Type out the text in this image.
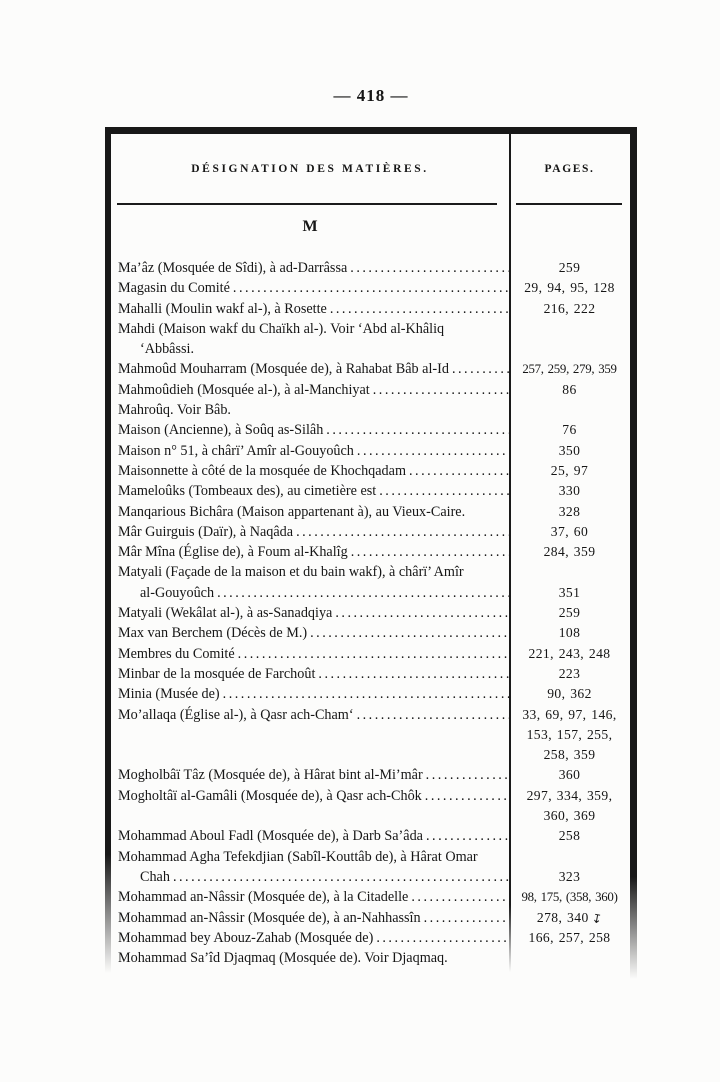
— 418 —
DÉSIGNATION DES MATIÈRES.	PAGES.
M
Ma’âz (Mosquée de Sîdi), à ad-Darrâssa .....	259
Magasin du Comité .....	29, 94, 95, 128
Mahalli (Moulin wakf al-), à Rosette .....	216, 222
Mahdi (Maison wakf du Chaïkh al-). Voir ‘Abd al-Khâliq
‘Abbâssi.
Mahmoûd Mouharram (Mosquée de), à Rahabat Bâb al-Id .....	257, 259, 279, 359
Mahmoûdieh (Mosquée al-), à al-Manchiyat .....	86
Mahroûq. Voir Bâb.
Maison (Ancienne), à Soûq as-Silâh .....	76
Maison n° 51, à chârï’ Amîr al-Gouyoûch .....	350
Maisonnette à côté de la mosquée de Khochqadam .....	25, 97
Mameloûks (Tombeaux des), au cimetière est .....	330
Manqarious Bichâra (Maison appartenant à), au Vieux-Caire.	328
Mâr Guirguis (Daïr), à Naqâda .....	37, 60
Mâr Mîna (Église de), à Foum al-Khalîg .....	284, 359
Matyali (Façade de la maison et du bain wakf), à chârï’ Amîr
al-Gouyoûch .....	351
Matyali (Wekâlat al-), à as-Sanadqiya .....	259
Max van Berchem (Décès de M.) .....	108
Membres du Comité .....	221, 243, 248
Minbar de la mosquée de Farchoût .....	223
Minia (Musée de) .....	90, 362
Mo’allaqa (Église al-), à Qasr ach-Cham‘ .....	33, 69, 97, 146,
153, 157, 255,
258, 359
Mogholbâï Tâz (Mosquée de), à Hârat bint al-Mi’mâr .....	360
Mogholtâï al-Gamâli (Mosquée de), à Qasr ach-Chôk .....	297, 334, 359,
360, 369
Mohammad Aboul Fadl (Mosquée de), à Darb Sa’âda .....	258
Mohammad Agha Tefekdjian (Sabîl-Kouttâb de), à Hârat Omar
Chah .....	323
Mohammad an-Nâssir (Mosquée de), à la Citadelle .....	98, 175, (358, 360)
Mohammad an-Nâssir (Mosquée de), à an-Nahhassîn .....	278, 340 ↧
Mohammad bey Abouz-Zahab (Mosquée de) .....	166, 257, 258
Mohammad Sa’îd Djaqmaq (Mosquée de). Voir Djaqmaq.
